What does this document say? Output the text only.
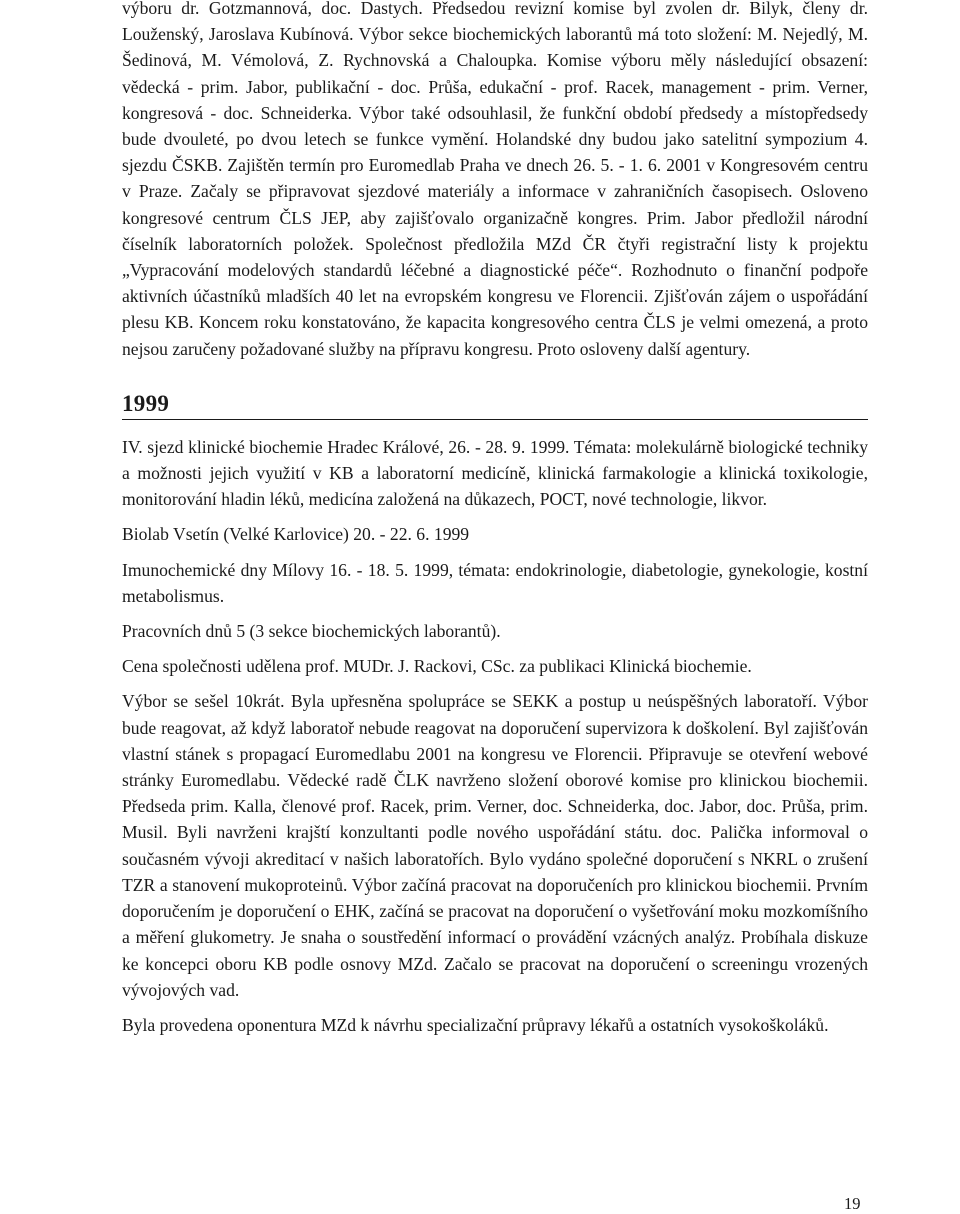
výboru dr. Gotzmannová, doc. Dastych. Předsedou revizní komise byl zvolen dr. Bilyk, členy dr. Louženský, Jaroslava Kubínová. Výbor sekce biochemických laborantů má toto složení: M. Nejedlý, M. Šedinová, M. Vémolová, Z. Rychnovská a Chaloupka. Komise výboru měly následující obsazení: vědecká - prim. Jabor, publikační - doc. Průša, edukační - prof. Racek, management - prim. Verner, kongresová - doc. Schneiderka. Výbor také odsouhlasil, že funkční období předsedy a místopředsedy bude dvouleté, po dvou letech se funkce vymění. Holandské dny budou jako satelitní sympozium 4. sjezdu ČSKB. Zajištěn termín pro Euromedlab Praha ve dnech 26. 5. - 1. 6. 2001 v Kongresovém centru v Praze. Začaly se připravovat sjezdové materiály a informace v zahraničních časopisech. Osloveno kongresové centrum ČLS JEP, aby zajišťovalo organizačně kongres. Prim. Jabor předložil národní číselník laboratorních položek. Společnost předložila MZd ČR čtyři registrační listy k projektu „Vypracování modelových standardů léčebné a diagnostické péče“. Rozhodnuto o finanční podpoře aktivních účastníků mladších 40 let na evropském kongresu ve Florencii. Zjišťován zájem o uspořádání plesu KB. Koncem roku konstatováno, že kapacita kongresového centra ČLS je velmi omezená, a proto nejsou zaručeny požadované služby na přípravu kongresu. Proto osloveny další agentury.

1999

IV. sjezd klinické biochemie Hradec Králové, 26. - 28. 9. 1999. Témata: molekulárně biologické techniky a možnosti jejich využití v KB a laboratorní medicíně, klinická farmakologie a klinická toxikologie, monitorování hladin léků, medicína založená na důkazech, POCT, nové technologie, likvor.

Biolab Vsetín (Velké Karlovice) 20. - 22. 6. 1999

Imunochemické dny Mílovy 16. - 18. 5. 1999, témata: endokrinologie, diabetologie, gynekologie, kostní metabolismus.

Pracovních dnů 5 (3 sekce biochemických laborantů).

Cena společnosti udělena prof. MUDr. J. Rackovi, CSc. za publikaci Klinická biochemie.

Výbor se sešel 10krát. Byla upřesněna spolupráce se SEKK a postup u neúspěšných laboratoří. Výbor bude reagovat, až když laboratoř nebude reagovat na doporučení supervizora k doškolení. Byl zajišťován vlastní stánek s propagací Euromedlabu 2001 na kongresu ve Florencii. Připravuje se otevření webové stránky Euromedlabu. Vědecké radě ČLK navrženo složení oborové komise pro klinickou biochemii. Předseda prim. Kalla, členové prof. Racek, prim. Verner, doc. Schneiderka, doc. Jabor, doc. Průša, prim. Musil. Byli navrženi krajští konzultanti podle nového uspořádání státu. doc. Palička informoval o současném vývoji akreditací v našich laboratořích. Bylo vydáno společné doporučení s NKRL o zrušení TZR a stanovení mukoproteinů. Výbor začíná pracovat na doporučeních pro klinickou biochemii. Prvním doporučením je doporučení o EHK, začíná se pracovat na doporučení o vyšetřování moku mozkomíšního a měření glukometry. Je snaha o soustředění informací o provádění vzácných analýz. Probíhala diskuze ke koncepci oboru KB podle osnovy MZd. Začalo se pracovat na doporučení o screeningu vrozených vývojových vad.

Byla provedena oponentura MZd k návrhu specializační průpravy lékařů a ostatních vysokoškoláků.

19
